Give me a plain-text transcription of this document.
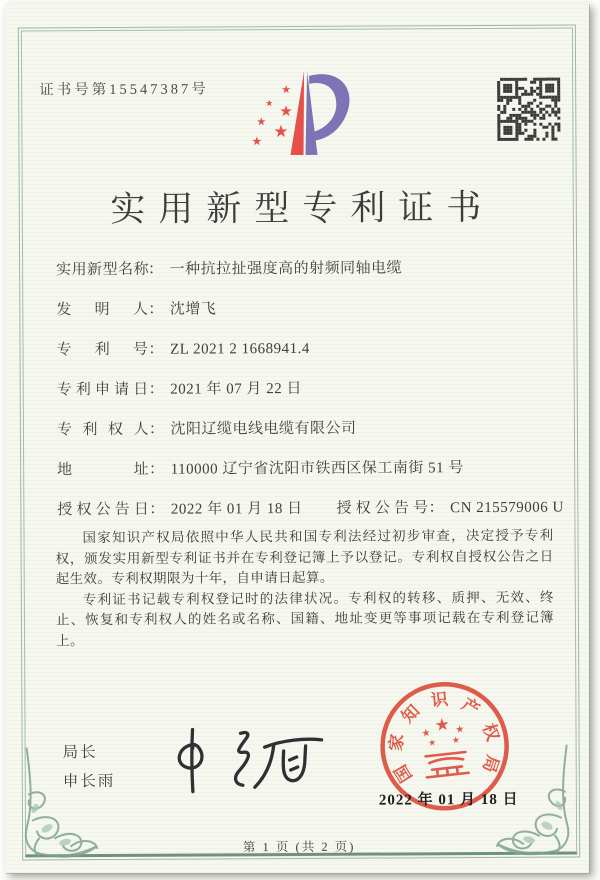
证书号第15547387号	★
★
★
★ ★
★
实用新型专利证书
实用新型名称： 一种抗拉扯强度高的射频同轴电缆
发明人： 沈增飞
专利号： ZL 2021 2 1668941.4
专利申请日： 2021 年 07 月 22 日
专利权人： 沈阳辽缆电线电缆有限公司
地址： 110000 辽宁省沈阳市铁西区保工南街 51 号
授权公告日： 2022 年 01 月 18 日 授权公告号： CN 215579006 U

国家知识产权局依照中华人民共和国专利法经过初步审查，决定授予专利权，颁发实用新型专利证书并在专利登记簿上予以登记。专利权自授权公告之日起生效。专利权期限为十年，自申请日起算。

专利证书记载专利权登记时的法律状况。专利权的转移、质押、无效、终止、恢复和专利权人的姓名或名称、国籍、地址变更等事项记载在专利登记簿上。

局长
申长雨	国
家
知
识 产
权
局
★
★ ★
★ ★
2022 年 01 月 18 日
第 1 页 (共 2 页)
